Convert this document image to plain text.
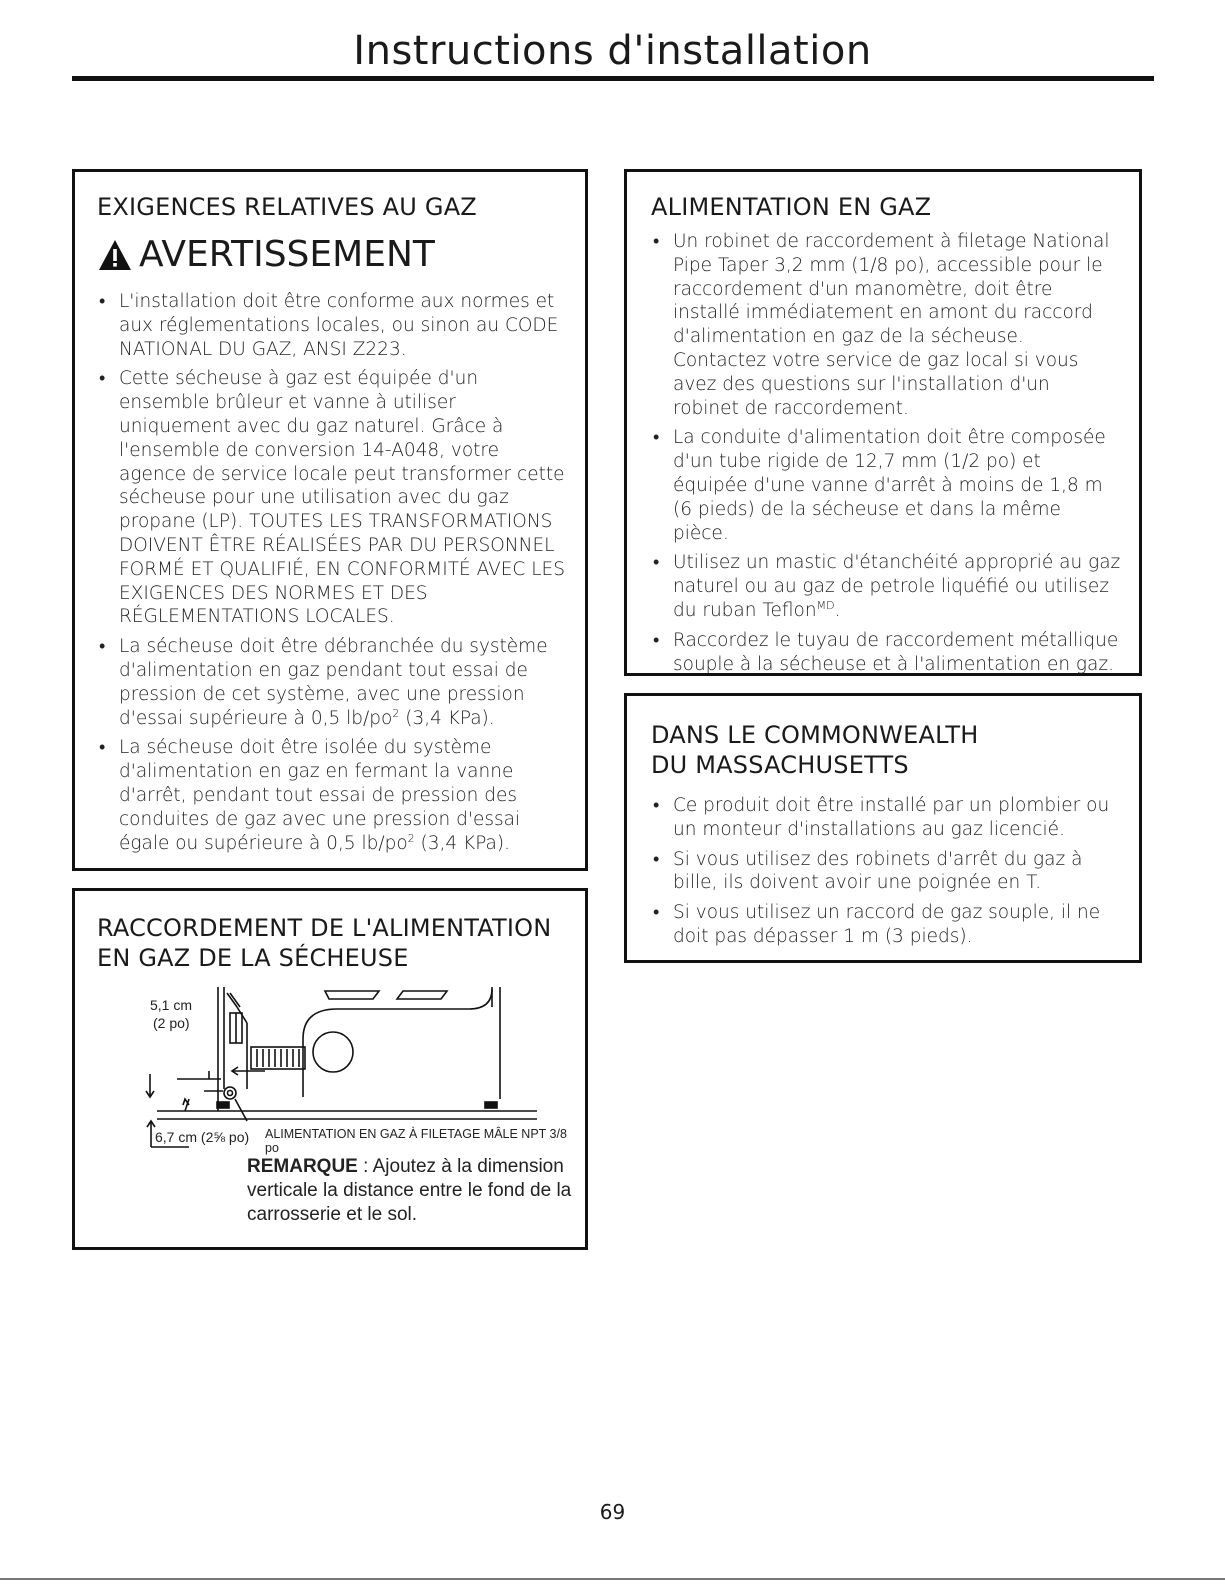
Instructions d'installation
EXIGENCES RELATIVES AU GAZ
AVERTISSEMENT
• L'installation doit être conforme aux normes et aux réglementations locales, ou sinon au CODE NATIONAL DU GAZ, ANSI Z223.
• Cette sécheuse à gaz est équipée d'un ensemble brûleur et vanne à utiliser uniquement avec du gaz naturel. Grâce à l'ensemble de conversion 14-A048, votre agence de service locale peut transformer cette sécheuse pour une utilisation avec du gaz propane (LP). TOUTES LES TRANSFORMATIONS DOIVENT ÊTRE RÉALISÉES PAR DU PERSONNEL FORMÉ ET QUALIFIÉ, EN CONFORMITÉ AVEC LES EXIGENCES DES NORMES ET DES RÉGLEMENTATIONS LOCALES.
• La sécheuse doit être débranchée du système d'alimentation en gaz pendant tout essai de pression de cet système, avec une pression d'essai supérieure à 0,5 $lb/po^2$ (3,4 KPa).
• La sécheuse doit être isolée du système d'alimentation en gaz en fermant la vanne d'arrêt, pendant tout essai de pression des conduites de gaz avec une pression d'essai égale ou supérieure à 0,5 $lb/po^2$ (3,4 KPa).
RACCORDEMENT DE L'ALIMENTATION
EN GAZ DE LA SÉCHEUSE
5,1 cm
(2 po)
6,7 cm (2⅝ po) ALIMENTATION EN GAZ À FILETAGE MÂLE NPT 3/8 po
REMARQUE : Ajoutez à la dimension verticale la distance entre le fond de la carrosserie et le sol.
ALIMENTATION EN GAZ
• Un robinet de raccordement à filetage National Pipe Taper 3,2 mm (1/8 po), accessible pour le raccordement d'un manomètre, doit être installé immédiatement en amont du raccord d'alimentation en gaz de la sécheuse. Contactez votre service de gaz local si vous avez des questions sur l'installation d'un robinet de raccordement.
• La conduite d'alimentation doit être composée d'un tube rigide de 12,7 mm (1/2 po) et équipée d'une vanne d'arrêt à moins de 1,8 m (6 pieds) de la sécheuse et dans la même pièce.
• Utilisez un mastic d'étanchéité approprié au gaz naturel ou au gaz de petrole liquéfié ou utilisez du ruban Teflon$^{MD}$.
• Raccordez le tuyau de raccordement métallique souple à la sécheuse et à l'alimentation en gaz.
DANS LE COMMONWEALTH
DU MASSACHUSETTS
• Ce produit doit être installé par un plombier ou un monteur d'installations au gaz licencié.
• Si vous utilisez des robinets d'arrêt du gaz à bille, ils doivent avoir une poignée en T.
• Si vous utilisez un raccord de gaz souple, il ne doit pas dépasser 1 m (3 pieds).
69
